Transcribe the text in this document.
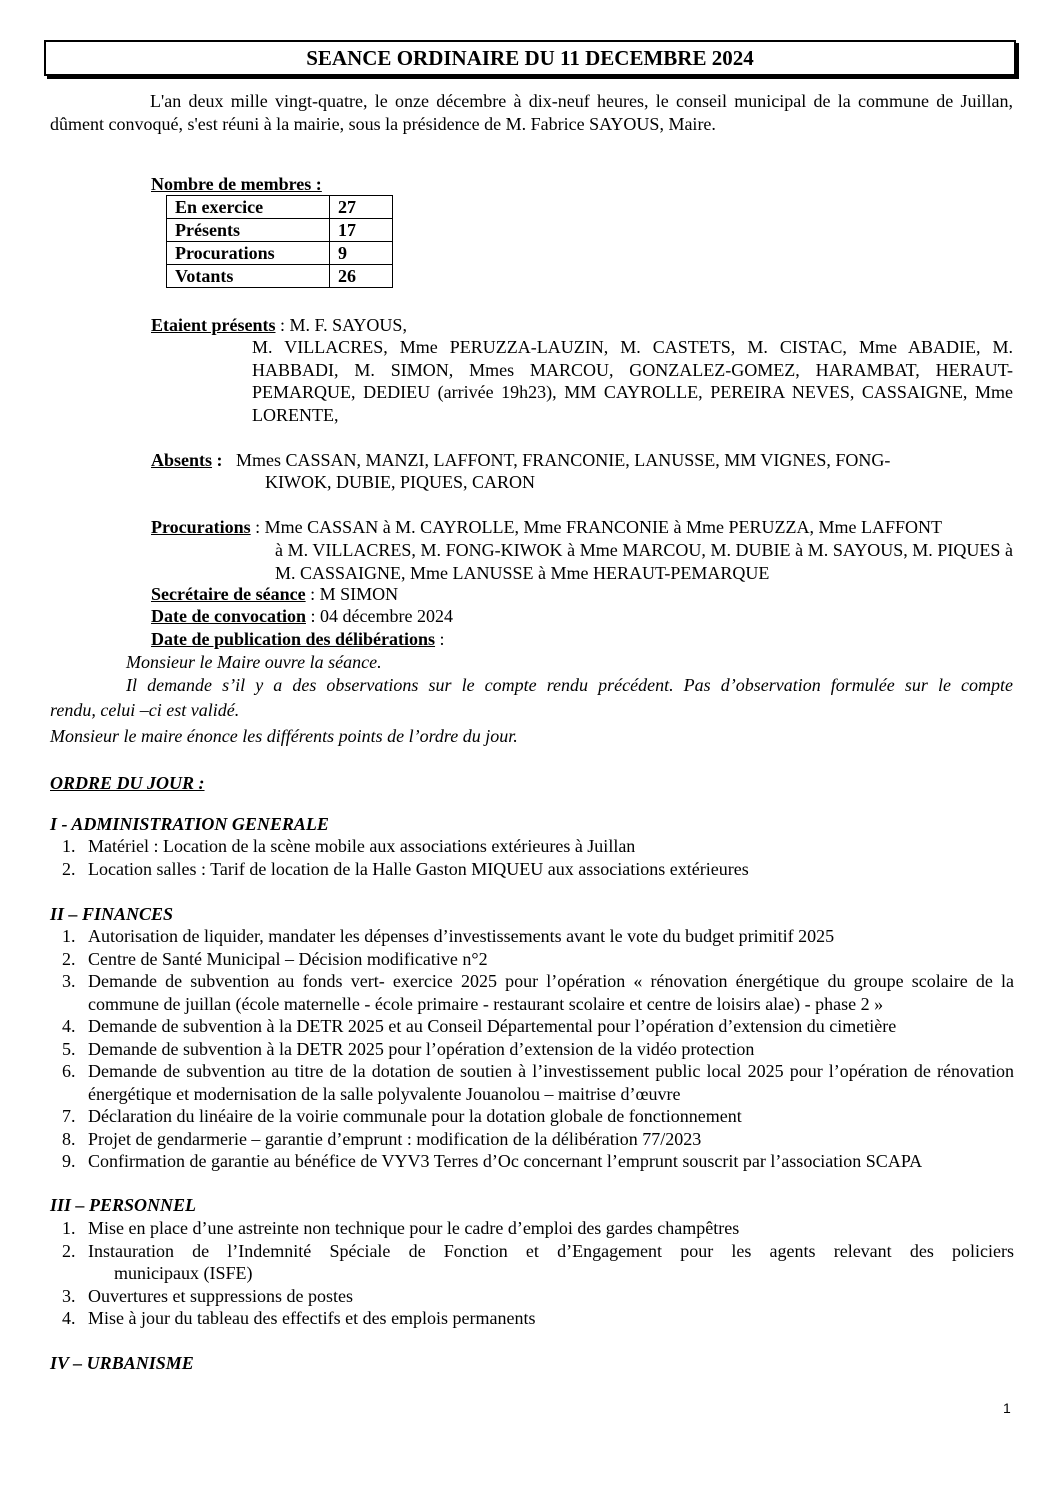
SEANCE ORDINAIRE DU 11 DECEMBRE 2024
L'an deux mille vingt-quatre, le onze décembre à dix-neuf heures, le conseil municipal de la commune de Juillan, dûment convoqué, s'est réuni à la mairie, sous la présidence de M. Fabrice SAYOUS, Maire.
Nombre de membres :
En exercice	27
Présents	17
Procurations	9
Votants	26
Etaient présents : M. F. SAYOUS,
M. VILLACRES, Mme PERUZZA-LAUZIN, M. CASTETS, M. CISTAC, Mme ABADIE, M. HABBADI, M. SIMON, Mmes MARCOU, GONZALEZ-GOMEZ, HARAMBAT, HERAUT-PEMARQUE, DEDIEU (arrivée 19h23), MM CAYROLLE, PEREIRA NEVES, CASSAIGNE, Mme LORENTE,
Absents : Mmes CASSAN, MANZI, LAFFONT, FRANCONIE, LANUSSE, MM VIGNES, FONG-
KIWOK, DUBIE, PIQUES, CARON
Procurations : Mme CASSAN à M. CAYROLLE, Mme FRANCONIE à Mme PERUZZA, Mme LAFFONT
à M. VILLACRES, M. FONG-KIWOK à Mme MARCOU, M. DUBIE à M. SAYOUS, M. PIQUES à M. CASSAIGNE, Mme LANUSSE à Mme HERAUT-PEMARQUE
Secrétaire de séance : M SIMON
Date de convocation : 04 décembre 2024
Date de publication des délibérations :
Monsieur le Maire ouvre la séance.
Il demande s’il y a des observations sur le compte rendu précédent. Pas d’observation formulée sur le compte
rendu, celui –ci est validé.
Monsieur le maire énonce les différents points de l’ordre du jour.
ORDRE DU JOUR :
I - ADMINISTRATION GENERALE
1. Matériel : Location de la scène mobile aux associations extérieures à Juillan
2. Location salles : Tarif de location de la Halle Gaston MIQUEU aux associations extérieures
II – FINANCES
1. Autorisation de liquider, mandater les dépenses d’investissements avant le vote du budget primitif 2025
2. Centre de Santé Municipal – Décision modificative n°2
3. Demande de subvention au fonds vert- exercice 2025 pour l’opération « rénovation énergétique du groupe scolaire de la commune de juillan (école maternelle - école primaire - restaurant scolaire et centre de loisirs alae) - phase 2 »
4. Demande de subvention à la DETR 2025 et au Conseil Départemental pour l’opération d’extension du cimetière
5. Demande de subvention à la DETR 2025 pour l’opération d’extension de la vidéo protection
6. Demande de subvention au titre de la dotation de soutien à l’investissement public local 2025 pour l’opération de rénovation énergétique et modernisation de la salle polyvalente Jouanolou – maitrise d’œuvre
7. Déclaration du linéaire de la voirie communale pour la dotation globale de fonctionnement
8. Projet de gendarmerie – garantie d’emprunt : modification de la délibération 77/2023
9. Confirmation de garantie au bénéfice de VYV3 Terres d’Oc concernant l’emprunt souscrit par l’association SCAPA
III – PERSONNEL
1. Mise en place d’une astreinte non technique pour le cadre d’emploi des gardes champêtres
2. Instauration de l’Indemnité Spéciale de Fonction et d’Engagement pour les agents relevant des policiers
municipaux (ISFE)
3. Ouvertures et suppressions de postes
4. Mise à jour du tableau des effectifs et des emplois permanents
IV – URBANISME
1
